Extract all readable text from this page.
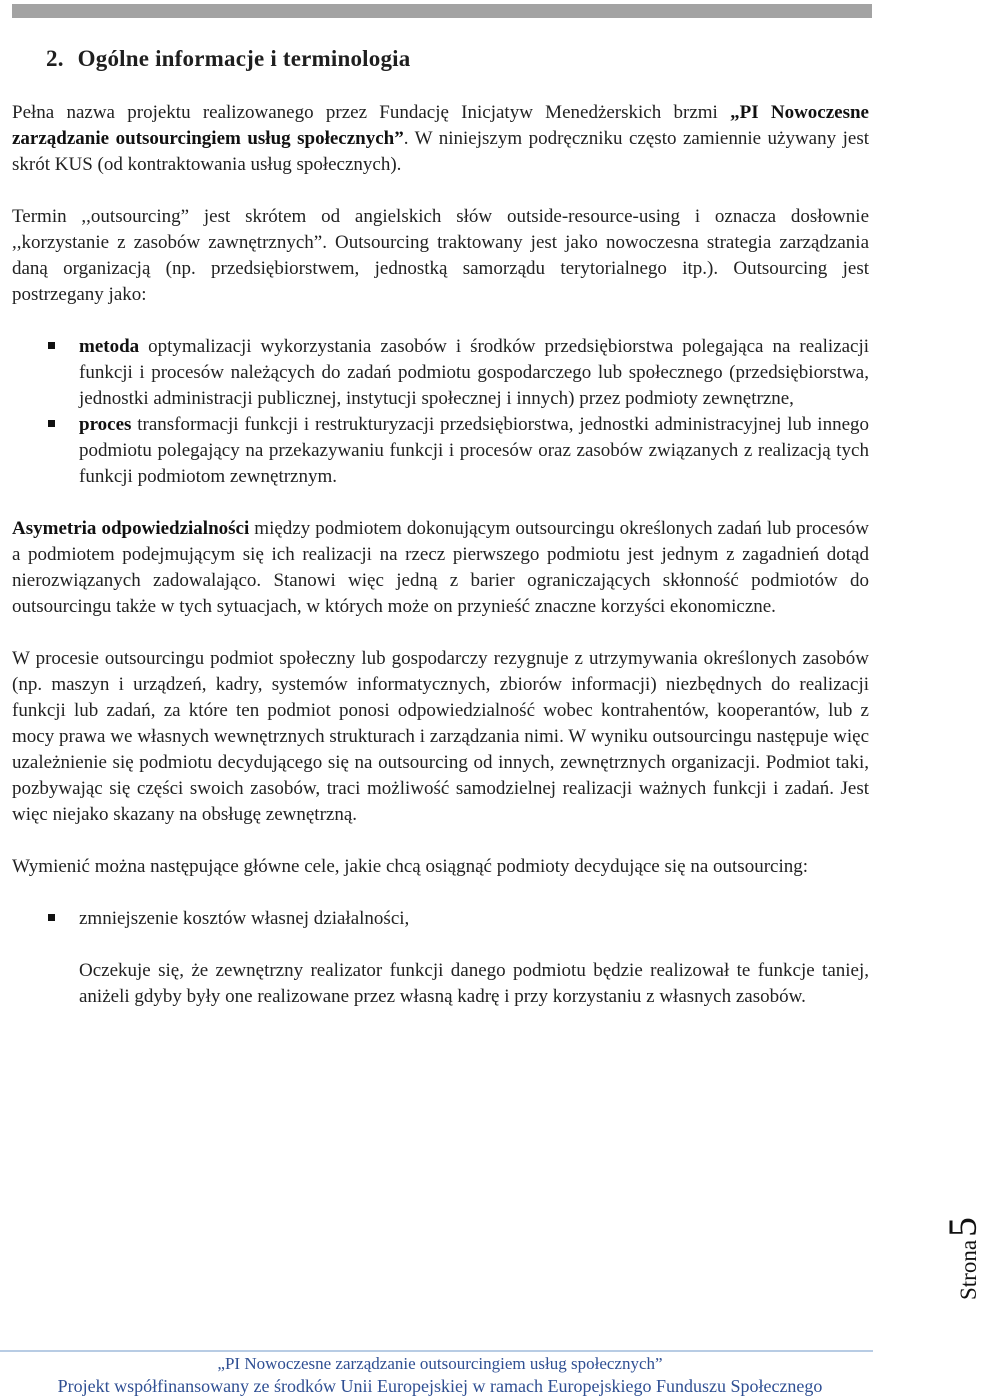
2. Ogólne informacje i terminologia

Pełna nazwa projektu realizowanego przez Fundację Inicjatyw Menedżerskich brzmi „PI Nowoczesne zarządzanie outsourcingiem usług społecznych”. W niniejszym podręczniku często zamiennie używany jest skrót KUS (od kontraktowania usług społecznych).

Termin ,,outsourcing” jest skrótem od angielskich słów outside-resource-using i oznacza dosłownie ,,korzystanie z zasobów zawnętrznych”. Outsourcing traktowany jest jako nowoczesna strategia zarządzania daną organizacją (np. przedsiębiorstwem, jednostką samorządu terytorialnego itp.). Outsourcing jest postrzegany jako:

metoda optymalizacji wykorzystania zasobów i środków przedsiębiorstwa polegająca na realizacji funkcji i procesów należących do zadań podmiotu gospodarczego lub społecznego (przedsiębiorstwa, jednostki administracji publicznej, instytucji społecznej i innych) przez podmioty zewnętrzne,
proces transformacji funkcji i restrukturyzacji przedsiębiorstwa, jednostki administracyjnej lub innego podmiotu polegający na przekazywaniu funkcji i procesów oraz zasobów związanych z realizacją tych funkcji podmiotom zewnętrznym.

Asymetria odpowiedzialności między podmiotem dokonującym outsourcingu określonych zadań lub procesów a podmiotem podejmującym się ich realizacji na rzecz pierwszego podmiotu jest jednym z zagadnień dotąd nierozwiązanych zadowalająco. Stanowi więc jedną z barier ograniczających skłonność podmiotów do outsourcingu także w tych sytuacjach, w których może on przynieść znaczne korzyści ekonomiczne.

W procesie outsourcingu podmiot społeczny lub gospodarczy rezygnuje z utrzymywania określonych zasobów (np. maszyn i urządzeń, kadry, systemów informatycznych, zbiorów informacji) niezbędnych do realizacji funkcji lub zadań, za które ten podmiot ponosi odpowiedzialność wobec kontrahentów, kooperantów, lub z mocy prawa we własnych wewnętrznych strukturach i zarządzania nimi. W wyniku outsourcingu następuje więc uzależnienie się podmiotu decydującego się na outsourcing od innych, zewnętrznych organizacji. Podmiot taki, pozbywając się części swoich zasobów, traci możliwość samodzielnej realizacji ważnych funkcji i zadań. Jest więc niejako skazany na obsługę zewnętrzną.

Wymienić można następujące główne cele, jakie chcą osiągnąć podmioty decydujące się na outsourcing:

zmniejszenie kosztów własnej działalności,

Oczekuje się, że zewnętrzny realizator funkcji danego podmiotu będzie realizował te funkcje taniej, aniżeli gdyby były one realizowane przez własną kadrę i przy korzystaniu z własnych zasobów.

Strona5
„PI Nowoczesne zarządzanie outsourcingiem usług społecznych”
Projekt współfinansowany ze środków Unii Europejskiej w ramach Europejskiego Funduszu Społecznego
